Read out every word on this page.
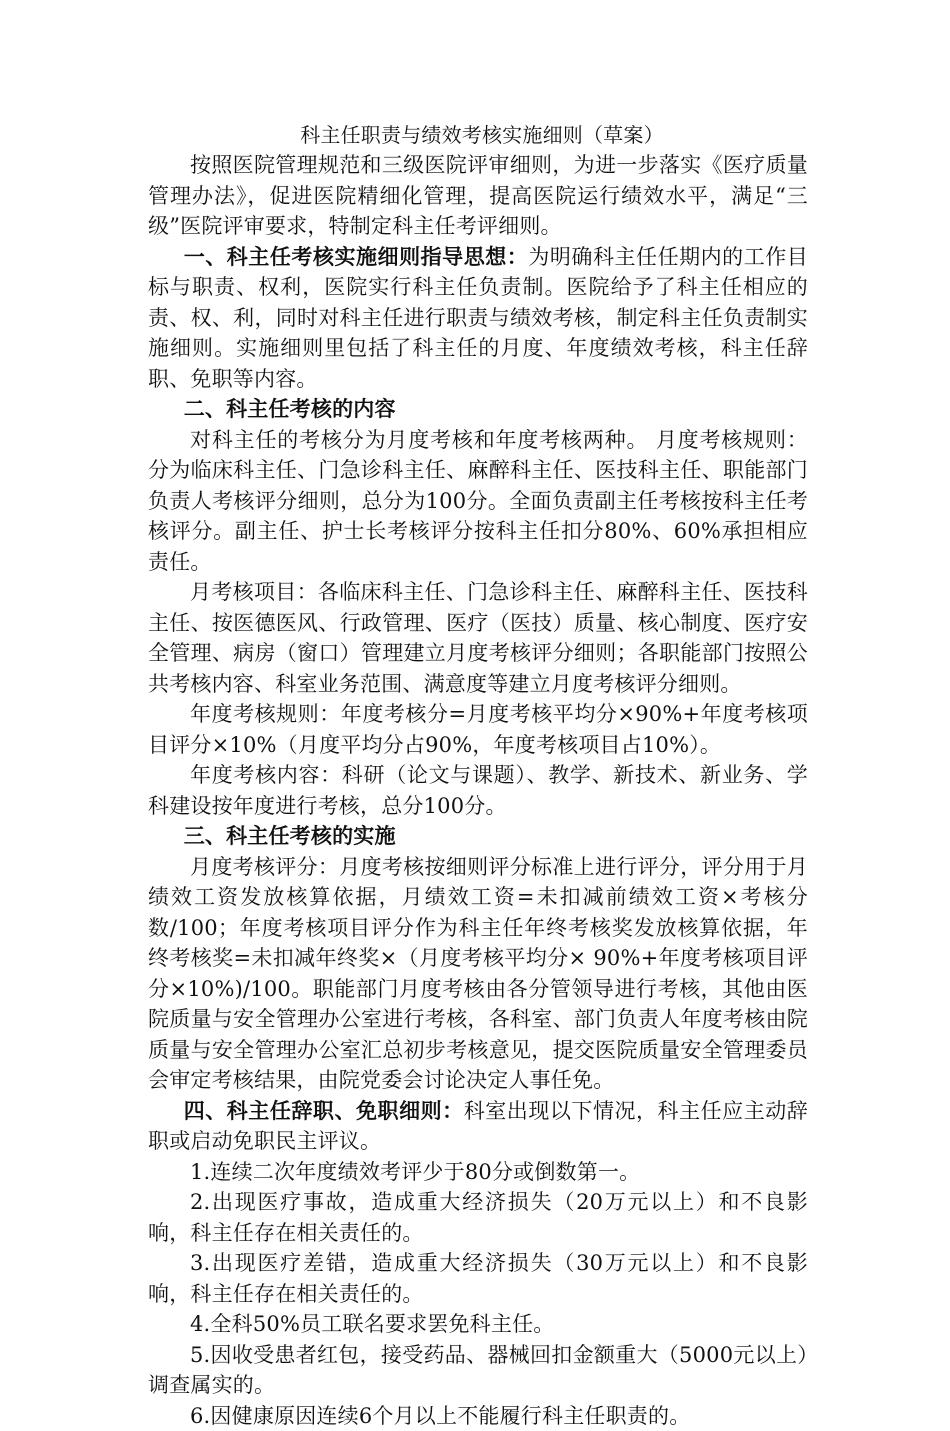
科主任职责与绩效考核实施细则（草案）

按照医院管理规范和三级医院评审细则，为进一步落实《医疗质量管理办法》，促进医院精细化管理，提高医院运行绩效水平，满足“三级”医院评审要求，特制定科主任考评细则。

一、科主任考核实施细则指导思想：为明确科主任任期内的工作目标与职责、权利，医院实行科主任负责制。医院给予了科主任相应的责、权、利，同时对科主任进行职责与绩效考核，制定科主任负责制实施细则。实施细则里包括了科主任的月度、年度绩效考核，科主任辞职、免职等内容。

二、科主任考核的内容

对科主任的考核分为月度考核和年度考核两种。 月度考核规则：分为临床科主任、门急诊科主任、麻醉科主任、医技科主任、职能部门负责人考核评分细则，总分为100分。全面负责副主任考核按科主任考核评分。副主任、护士长考核评分按科主任扣分80%、60%承担相应责任。

月考核项目：各临床科主任、门急诊科主任、麻醉科主任、医技科主任、按医德医风、行政管理、医疗（医技）质量、核心制度、医疗安全管理、病房（窗口）管理建立月度考核评分细则；各职能部门按照公共考核内容、科室业务范围、满意度等建立月度考核评分细则。

年度考核规则：年度考核分=月度考核平均分×90%+年度考核项目评分×10%（月度平均分占90%，年度考核项目占10%）。

年度考核内容：科研（论文与课题）、教学、新技术、新业务、学科建设按年度进行考核，总分100分。

三、科主任考核的实施

月度考核评分：月度考核按细则评分标准上进行评分，评分用于月绩效工资发放核算依据，月绩效工资=未扣减前绩效工资×考核分数/100；年度考核项目评分作为科主任年终考核奖发放核算依据，年终考核奖=未扣减年终奖×（月度考核平均分× 90%+年度考核项目评分×10%)/100。职能部门月度考核由各分管领导进行考核，其他由医院质量与安全管理办公室进行考核，各科室、部门负责人年度考核由院质量与安全管理办公室汇总初步考核意见，提交医院质量安全管理委员会审定考核结果，由院党委会讨论决定人事任免。

四、科主任辞职、免职细则：科室出现以下情况，科主任应主动辞职或启动免职民主评议。

1.连续二次年度绩效考评少于80分或倒数第一。

2.出现医疗事故，造成重大经济损失（20万元以上）和不良影响，科主任存在相关责任的。

3.出现医疗差错，造成重大经济损失（30万元以上）和不良影响，科主任存在相关责任的。

4.全科50%员工联名要求罢免科主任。

5.因收受患者红包，接受药品、器械回扣金额重大（5000元以上）调查属实的。

6.因健康原因连续6个月以上不能履行科主任职责的。
